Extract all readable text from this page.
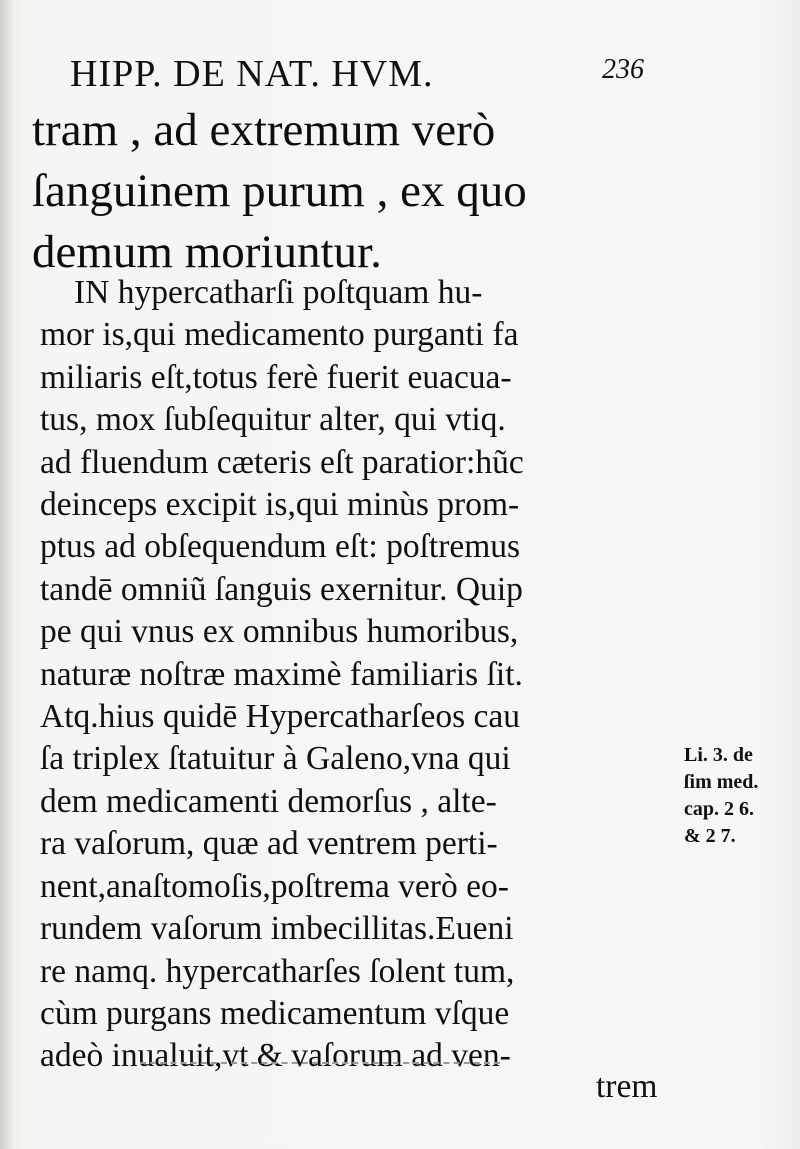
HIPP. DE NAT. HVM.	236
tram , ad extremum verò
ſanguinem purum , ex quo
demum moriuntur.
IN hypercatharſi poſtquam hu-
mor is,qui medicamento purganti fa
miliaris eſt,totus ferè fuerit euacua-
tus, mox ſubſequitur alter, qui vtiq.
ad fluendum cæteris eſt paratior:hũc
deinceps excipit is,qui minùs prom-
ptus ad obſequendum eſt: poſtremus
tandē omniũ ſanguis exernitur. Quip
pe qui vnus ex omnibus humoribus,
naturæ noſtræ maximè familiaris ſit.
Atq.hius quidē Hypercatharſeos cau
ſa triplex ſtatuitur à Galeno,vna qui
dem medicamenti demorſus , alte-
ra vaſorum, quæ ad ventrem perti-
nent,anaſtomoſis,poſtrema verò eo-
rundem vaſorum imbecillitas.Eueni
re namq. hypercatharſes ſolent tum,
cùm purgans medicamentum vſque
adeò inualuit,vt & vaſorum ad ven-
Li. 3. de
ſim med.
cap. 2 6.
& 2 7.
trem
